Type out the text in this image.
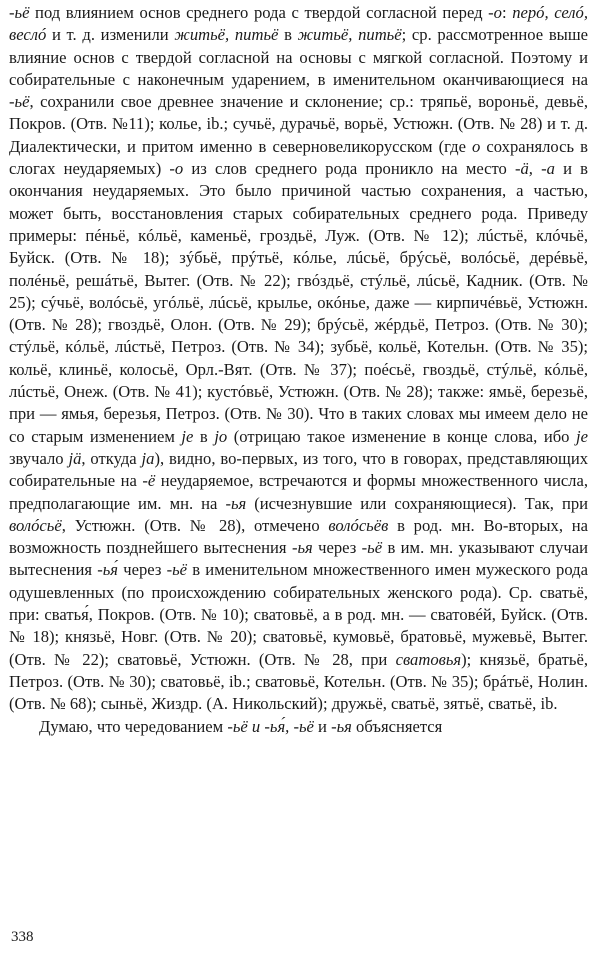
-ьё под влиянием основ среднего рода с твердой согласной перед -о: перó, селó, веслó и т. д. изменили житьё, питьё в житьё, питьё; ср. рассмотренное выше влияние основ с твердой согласной на основы с мягкой согласной. Поэтому и собирательные с наконечным ударением, в именительном оканчивающиеся на -ьё, сохранили свое древнее значение и склонение; ср.: тряпьё, вороньё, девьё, Покров. (Отв. №11); колье, ib.; сучьё, дурачьё, ворьё, Устюжн. (Отв. № 28) и т. д. Диалектически, и притом именно в северновеликорусском (где о сохранялось в слогах неударяемых) -о из слов среднего рода проникло на место -ä, -а и в окончания неударяемых. Это было причиной частью сохранения, а частью, может быть, восстановления старых собирательных среднего рода. Приведу примеры: пéньё, кóльё, каменьё, гроздьё, Луж. (Отв. № 12); лúстьё, клóчьё, Буйск. (Отв. № 18); зýбьё, прýтьё, кóлье, лúсьё, брýсьё, волóсьё, дерéвьё, полéньё, решáтьё, Вытег. (Отв. № 22); гвóздьё, стýльё, лúсьё, Кадник. (Отв. № 25); сýчьё, волóсьё, угóльё, лúсьё, крылье, окóнье, даже — кирпичéвьё, Устюжн. (Отв. № 28); гвоздьё, Олон. (Отв. № 29); брýсьё, жéрдьё, Петроз. (Отв. № 30); стýльё, кóльё, лúстьё, Петроз. (Отв. № 34); зубьё, кольё, Котельн. (Отв. № 35); кольё, клиньё, колосьё, Орл.-Вят. (Отв. № 37); поéсьё, гвоздьё, стýльё, кóльё, лúстьё, Онеж. (Отв. № 41); кустóвьё, Устюжн. (Отв. № 28); также: ямьё, березьё, при — ямья, березья, Петроз. (Отв. № 30). Что в таких словах мы имеем дело не со старым изменением jе в jo (отрицаю такое изменение в конце слова, ибо jе звучало jä, откуда ja), видно, во-первых, из того, что в говорах, представляющих собирательные на -ё неударяемое, встречаются и формы множественного числа, предполагающие им. мн. на -ья (исчезнувшие или сохраняющиеся). Так, при волóсьё, Устюжн. (Отв. № 28), отмечено волóсьёв в род. мн. Во-вторых, на возможность позднейшего вытеснения -ья через -ьё в им. мн. указывают случаи вытеснения -ья́ через -ьё в именительном множественного имен мужеского рода одушевленных (по происхождению собирательных женского рода). Ср. сватьё, при: сватья́, Покров. (Отв. № 10); сватовьё, а в род. мн. — сватовéй, Буйск. (Отв. № 18); князьё, Новг. (Отв. № 20); сватовьё, кумовьё, братовьё, мужевьё, Вытег. (Отв. № 22); сватовьё, Устюжн. (Отв. № 28, при сватовья); князьё, братьё, Петроз. (Отв. № 30); сватовьё, ib.; сватовьё, Котельн. (Отв. № 35); брáтьё, Нолин. (Отв. № 68); сыньё, Жиздр. (А. Никольский); дружьё, сватьё, зятьё, сватьё, ib.

Думаю, что чередованием -ьё и -ья́, -ьё и -ья объясняется

338
